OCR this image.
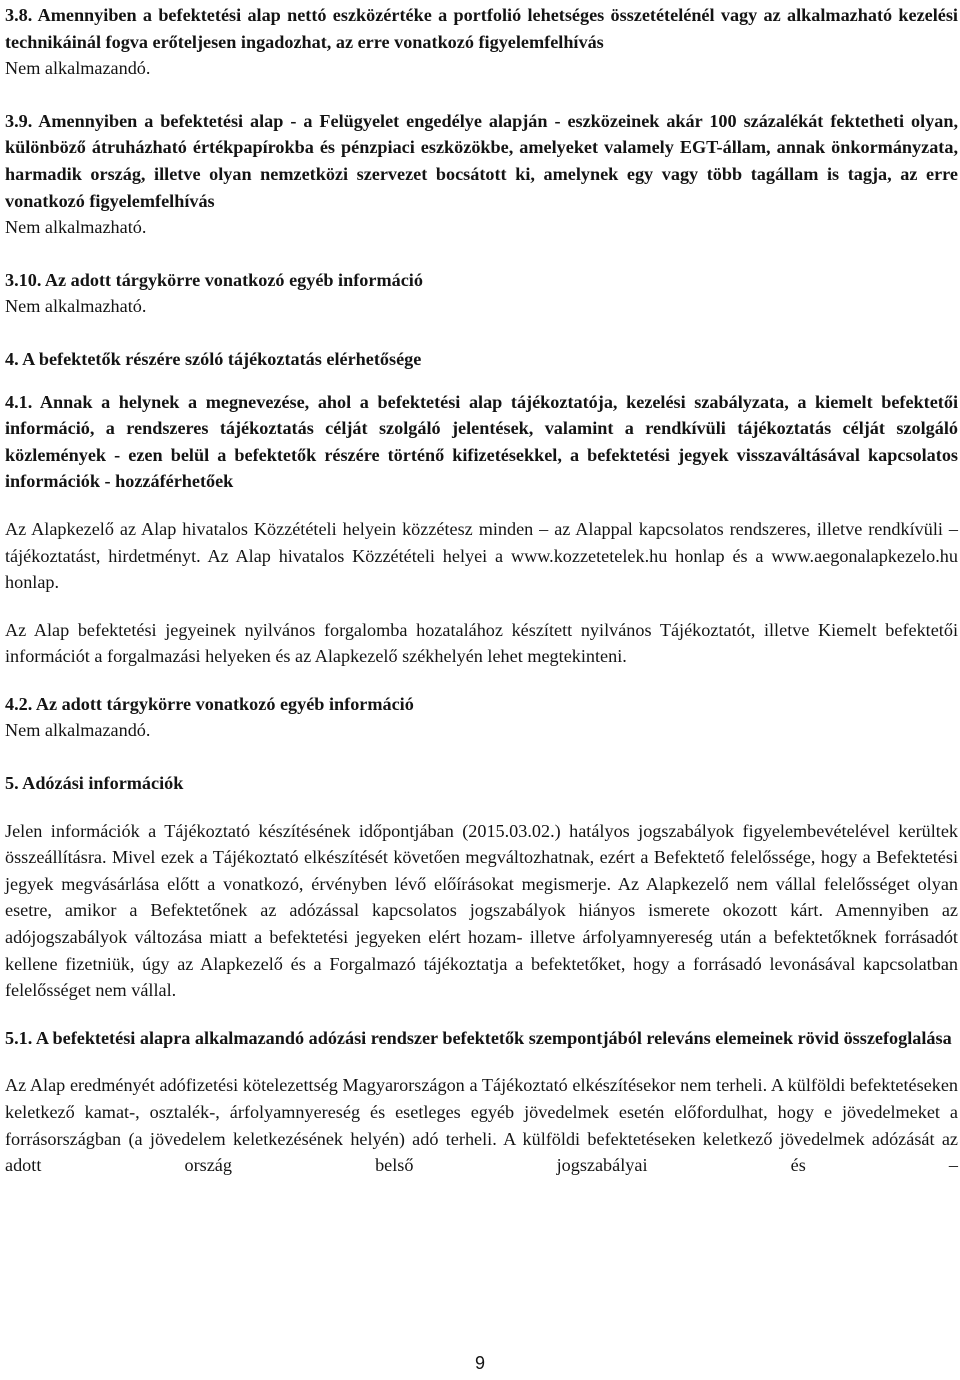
3.8. Amennyiben a befektetési alap nettó eszközértéke a portfolió lehetséges összetételénél vagy az alkalmazható kezelési technikáinál fogva erőteljesen ingadozhat, az erre vonatkozó figyelemfelhívás

Nem alkalmazandó.

3.9. Amennyiben a befektetési alap - a Felügyelet engedélye alapján - eszközeinek akár 100 százalékát fektetheti olyan, különböző átruházható értékpapírokba és pénzpiaci eszközökbe, amelyeket valamely EGT-állam, annak önkormányzata, harmadik ország, illetve olyan nemzetközi szervezet bocsátott ki, amelynek egy vagy több tagállam is tagja, az erre vonatkozó figyelemfelhívás

Nem alkalmazható.

3.10. Az adott tárgykörre vonatkozó egyéb információ

Nem alkalmazható.

4. A befektetők részére szóló tájékoztatás elérhetősége

4.1. Annak a helynek a megnevezése, ahol a befektetési alap tájékoztatója, kezelési szabályzata, a kiemelt befektetői információ, a rendszeres tájékoztatás célját szolgáló jelentések, valamint a rendkívüli tájékoztatás célját szolgáló közlemények - ezen belül a befektetők részére történő kifizetésekkel, a befektetési jegyek visszaváltásával kapcsolatos információk - hozzáférhetőek

Az Alapkezelő az Alap hivatalos Közzétételi helyein közzétesz minden – az Alappal kapcsolatos rendszeres, illetve rendkívüli – tájékoztatást, hirdetményt. Az Alap hivatalos Közzétételi helyei a www.kozzetetelek.hu honlap és a www.aegonalapkezelo.hu honlap.

Az Alap befektetési jegyeinek nyilvános forgalomba hozatalához készített nyilvános Tájékoztatót, illetve Kiemelt befektetői információt a forgalmazási helyeken és az Alapkezelő székhelyén lehet megtekinteni.

4.2. Az adott tárgykörre vonatkozó egyéb információ

Nem alkalmazandó.

5. Adózási információk

Jelen információk a Tájékoztató készítésének időpontjában (2015.03.02.) hatályos jogszabályok figyelembevételével kerültek összeállításra. Mivel ezek a Tájékoztató elkészítését követően megváltozhatnak, ezért a Befektető felelőssége, hogy a Befektetési jegyek megvásárlása előtt a vonatkozó, érvényben lévő előírásokat megismerje. Az Alapkezelő nem vállal felelősséget olyan esetre, amikor a Befektetőnek az adózással kapcsolatos jogszabályok hiányos ismerete okozott kárt. Amennyiben az adójogszabályok változása miatt a befektetési jegyeken elért hozam- illetve árfolyamnyereség után a befektetőknek forrásadót kellene fizetniük, úgy az Alapkezelő és a Forgalmazó tájékoztatja a befektetőket, hogy a forrásadó levonásával kapcsolatban felelősséget nem vállal.

5.1. A befektetési alapra alkalmazandó adózási rendszer befektetők szempontjából releváns elemeinek rövid összefoglalása

Az Alap eredményét adófizetési kötelezettség Magyarországon a Tájékoztató elkészítésekor nem terheli. A külföldi befektetéseken keletkező kamat-, osztalék-, árfolyamnyereség és esetleges egyéb jövedelmek esetén előfordulhat, hogy e jövedelmeket a forrásországban (a jövedelem keletkezésének helyén) adó terheli. A külföldi befektetéseken keletkező jövedelmek adózását az adott ország belső jogszabályai és –

9
